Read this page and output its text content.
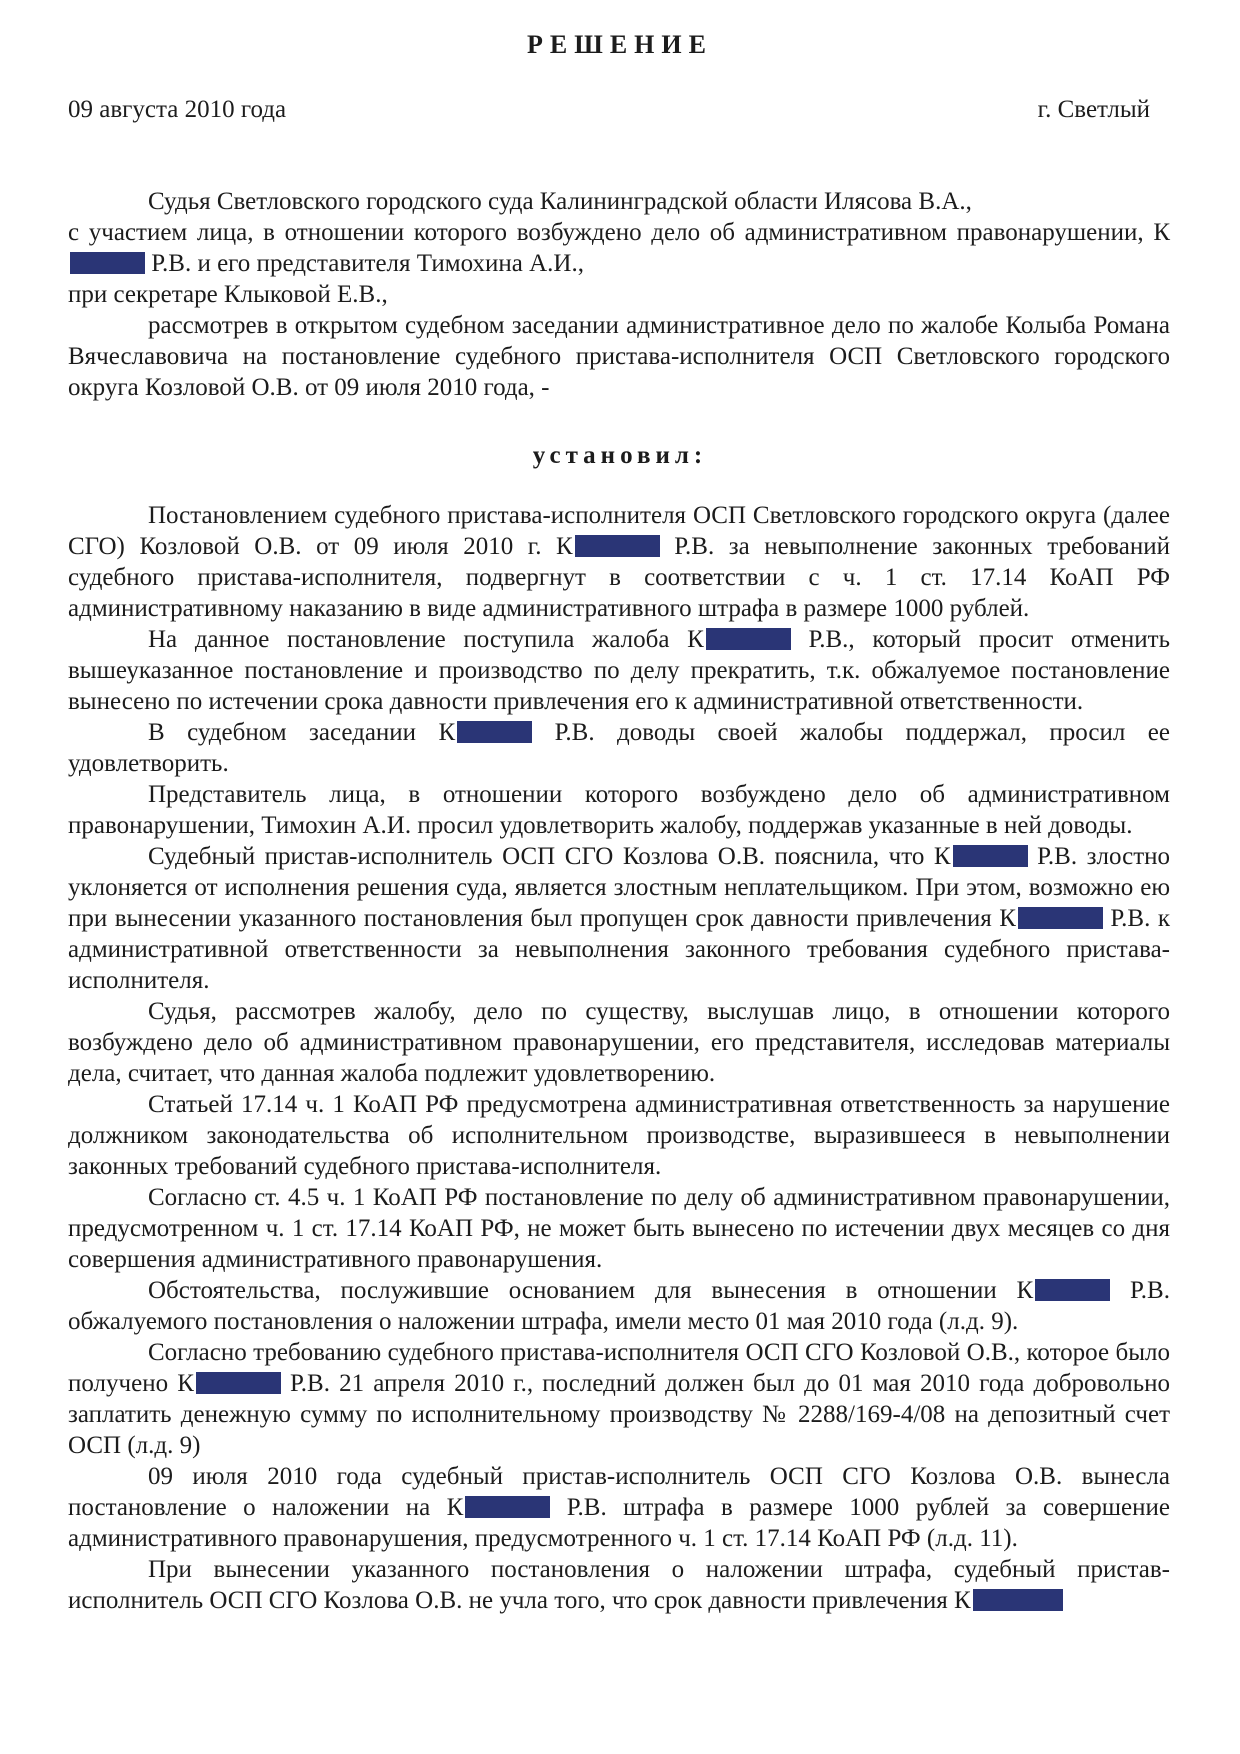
РЕШЕНИЕ
09 августа 2010 года	г. Светлый

Судья Светловского городского суда Калининградской области Илясова В.А.,

с участием лица, в отношении которого возбуждено дело об административном правонарушении, К Р.В. и его представителя Тимохина А.И.,

при секретаре Клыковой Е.В.,

рассмотрев в открытом судебном заседании административное дело по жалобе Колыба Романа Вячеславовича на постановление судебного пристава-исполнителя ОСП Светловского городского округа Козловой О.В. от 09 июля 2010 года, -

установил:

Постановлением судебного пристава-исполнителя ОСП Светловского городского округа (далее СГО) Козловой О.В. от 09 июля 2010 г. К	Р.В. за невыполнение законных требований судебного пристава-исполнителя, подвергнут в соответствии с ч. 1 ст. 17.14 КоАП РФ административному наказанию в виде административного штрафа в размере 1000 рублей.

На данное постановление поступила жалоба К	Р.В., который просит отменить вышеуказанное постановление и производство по делу прекратить, т.к. обжалуемое постановление вынесено по истечении срока давности привлечения его к административной ответственности.

В судебном заседании К	Р.В. доводы своей жалобы поддержал, просил ее удовлетворить.

Представитель лица, в отношении которого возбуждено дело об административном правонарушении, Тимохин А.И. просил удовлетворить жалобу, поддержав указанные в ней доводы.

Судебный пристав-исполнитель ОСП СГО Козлова О.В. пояснила, что К	Р.В. злостно уклоняется от исполнения решения суда, является злостным неплательщиком. При этом, возможно ею при вынесении указанного постановления был пропущен срок давности привлечения К	Р.В. к административной ответственности за невыполнения законного требования судебного пристава-исполнителя.

Судья, рассмотрев жалобу, дело по существу, выслушав лицо, в отношении которого возбуждено дело об административном правонарушении, его представителя, исследовав материалы дела, считает, что данная жалоба подлежит удовлетворению.

Статьей 17.14 ч. 1 КоАП РФ предусмотрена административная ответственность за нарушение должником законодательства об исполнительном производстве, выразившееся в невыполнении законных требований судебного пристава-исполнителя.

Согласно ст. 4.5 ч. 1 КоАП РФ постановление по делу об административном правонарушении, предусмотренном ч. 1 ст. 17.14 КоАП РФ, не может быть вынесено по истечении двух месяцев со дня совершения административного правонарушения.

Обстоятельства, послужившие основанием для вынесения в отношении К	Р.В. обжалуемого постановления о наложении штрафа, имели место 01 мая 2010 года (л.д. 9).

Согласно требованию судебного пристава-исполнителя ОСП СГО Козловой О.В., которое было получено К	Р.В. 21 апреля 2010 г., последний должен был до 01 мая 2010 года добровольно заплатить денежную сумму по исполнительному производству № 2288/169-4/08 на депозитный счет ОСП (л.д. 9)

09 июля 2010 года судебный пристав-исполнитель ОСП СГО Козлова О.В. вынесла постановление о наложении на К	Р.В. штрафа в размере 1000 рублей за совершение административного правонарушения, предусмотренного ч. 1 ст. 17.14 КоАП РФ (л.д. 11).

При вынесении указанного постановления о наложении штрафа, судебный пристав-исполнитель ОСП СГО Козлова О.В. не учла того, что срок давности привлечения К
